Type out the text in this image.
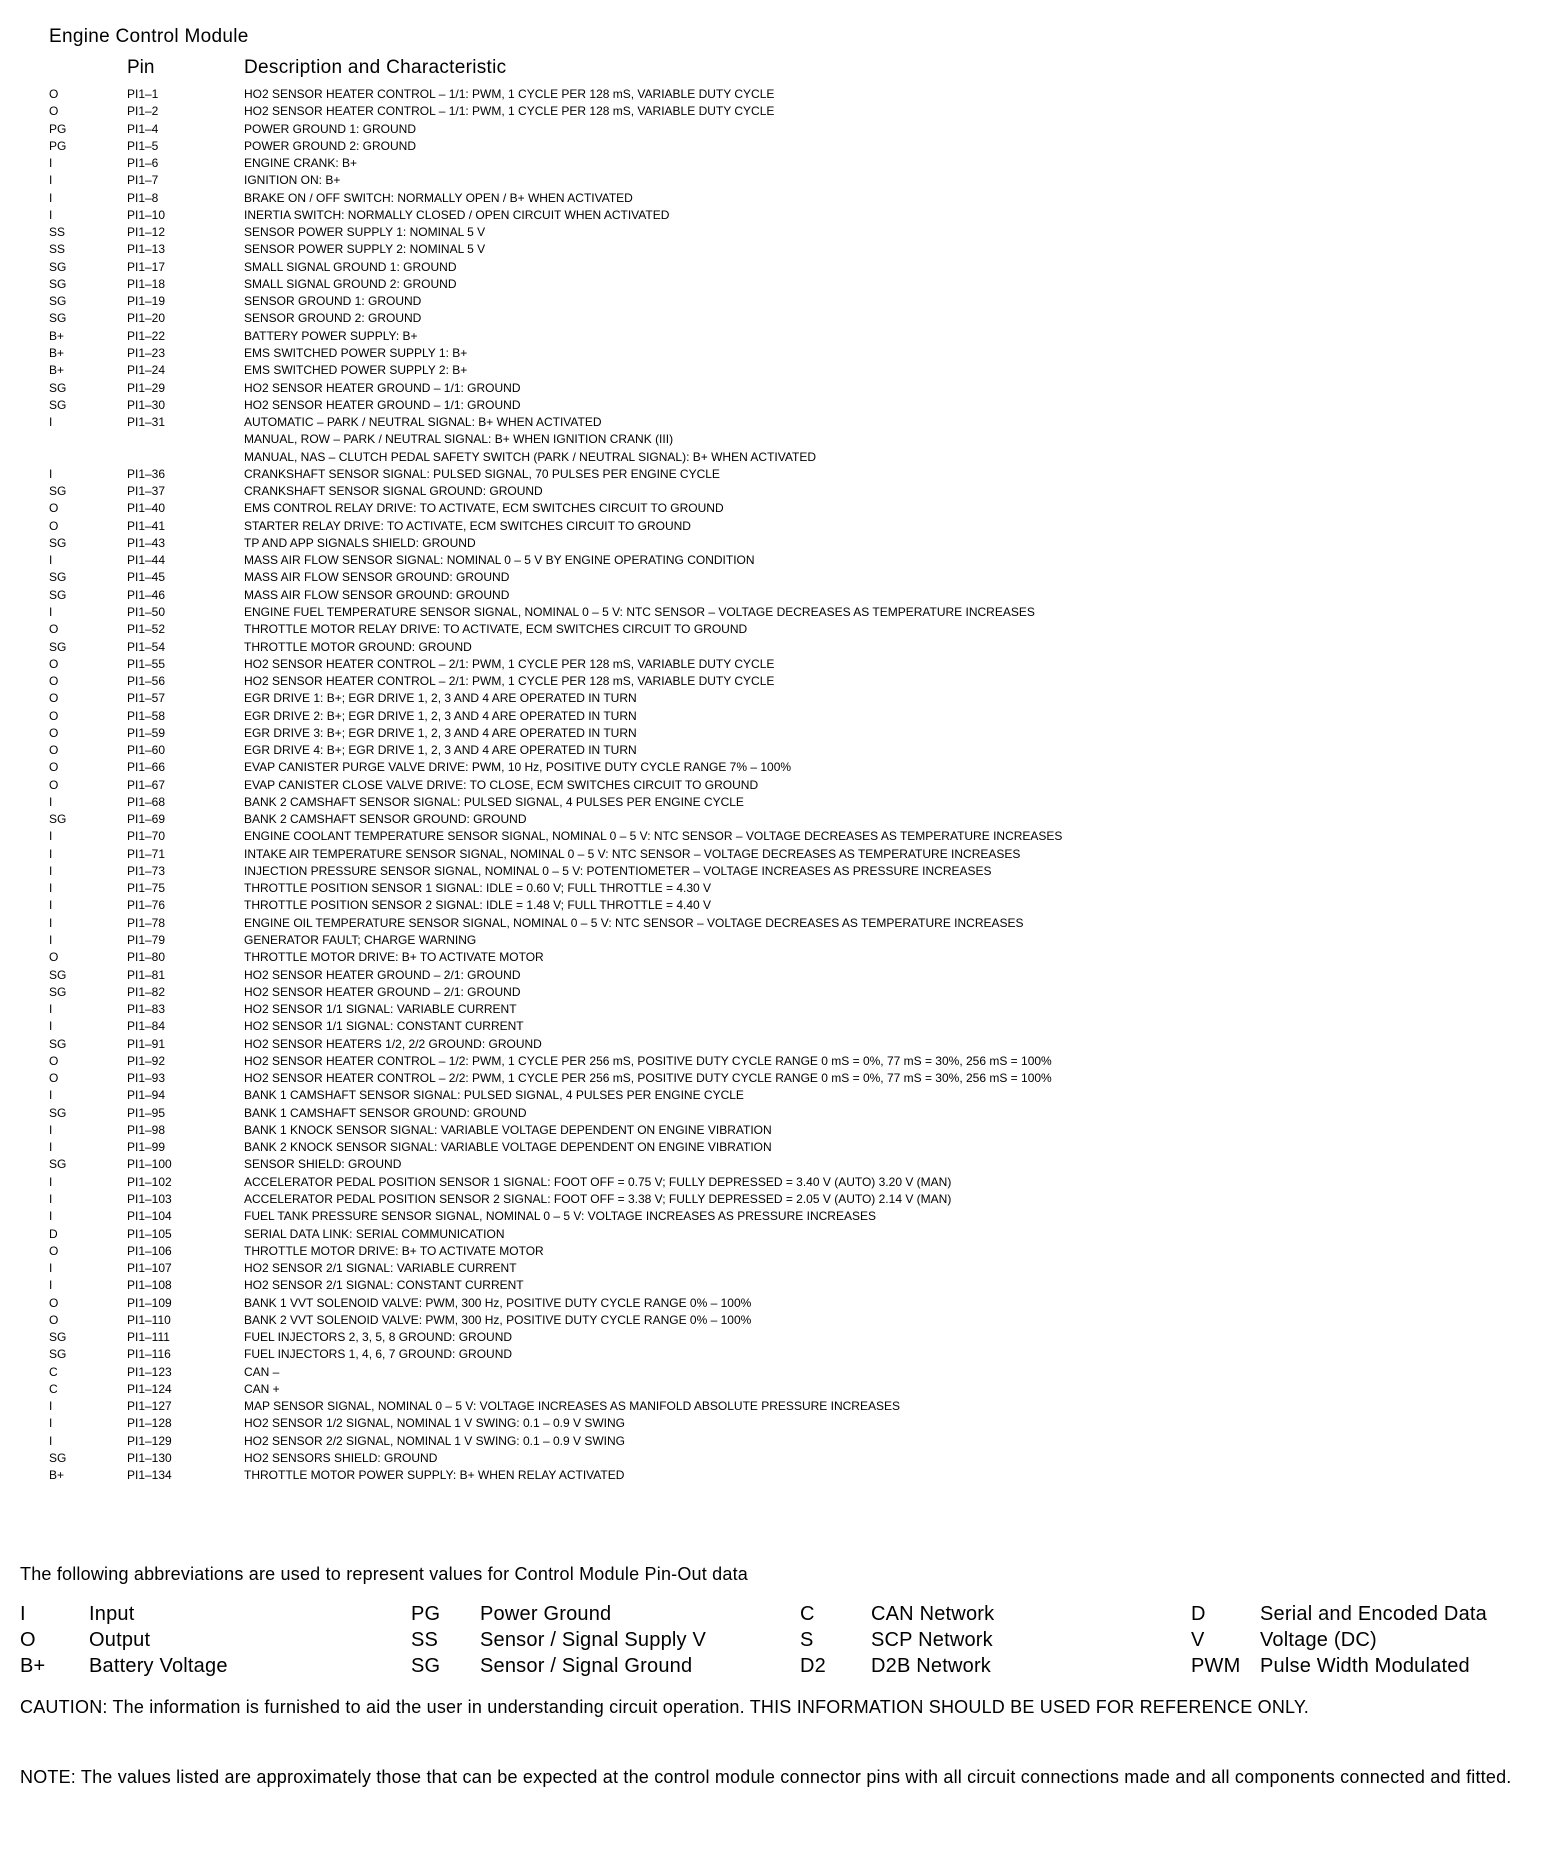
Engine Control Module
Pin	Description and Characteristic
O	PI1–1	HO2 SENSOR HEATER CONTROL – 1/1: PWM, 1 CYCLE PER 128 mS, VARIABLE DUTY CYCLE
O	PI1–2	HO2 SENSOR HEATER CONTROL – 1/1: PWM, 1 CYCLE PER 128 mS, VARIABLE DUTY CYCLE
PG	PI1–4	POWER GROUND 1: GROUND
PG	PI1–5	POWER GROUND 2: GROUND
I	PI1–6	ENGINE CRANK: B+
I	PI1–7	IGNITION ON: B+
I	PI1–8	BRAKE ON / OFF SWITCH: NORMALLY OPEN / B+ WHEN ACTIVATED
I	PI1–10	INERTIA SWITCH: NORMALLY CLOSED / OPEN CIRCUIT WHEN ACTIVATED
SS	PI1–12	SENSOR POWER SUPPLY 1: NOMINAL 5 V
SS	PI1–13	SENSOR POWER SUPPLY 2: NOMINAL 5 V
SG	PI1–17	SMALL SIGNAL GROUND 1: GROUND
SG	PI1–18	SMALL SIGNAL GROUND 2: GROUND
SG	PI1–19	SENSOR GROUND 1: GROUND
SG	PI1–20	SENSOR GROUND 2: GROUND
B+	PI1–22	BATTERY POWER SUPPLY: B+
B+	PI1–23	EMS SWITCHED POWER SUPPLY 1: B+
B+	PI1–24	EMS SWITCHED POWER SUPPLY 2: B+
SG	PI1–29	HO2 SENSOR HEATER GROUND – 1/1: GROUND
SG	PI1–30	HO2 SENSOR HEATER GROUND – 1/1: GROUND
I	PI1–31	AUTOMATIC – PARK / NEUTRAL SIGNAL: B+ WHEN ACTIVATED
MANUAL, ROW – PARK / NEUTRAL SIGNAL: B+ WHEN IGNITION CRANK (III)
MANUAL, NAS – CLUTCH PEDAL SAFETY SWITCH (PARK / NEUTRAL SIGNAL): B+ WHEN ACTIVATED
I	PI1–36	CRANKSHAFT SENSOR SIGNAL: PULSED SIGNAL, 70 PULSES PER ENGINE CYCLE
SG	PI1–37	CRANKSHAFT SENSOR SIGNAL GROUND: GROUND
O	PI1–40	EMS CONTROL RELAY DRIVE: TO ACTIVATE, ECM SWITCHES CIRCUIT TO GROUND
O	PI1–41	STARTER RELAY DRIVE: TO ACTIVATE, ECM SWITCHES CIRCUIT TO GROUND
SG	PI1–43	TP AND APP SIGNALS SHIELD: GROUND
I	PI1–44	MASS AIR FLOW SENSOR SIGNAL: NOMINAL 0 – 5 V BY ENGINE OPERATING CONDITION
SG	PI1–45	MASS AIR FLOW SENSOR GROUND: GROUND
SG	PI1–46	MASS AIR FLOW SENSOR GROUND: GROUND
I	PI1–50	ENGINE FUEL TEMPERATURE SENSOR SIGNAL, NOMINAL 0 – 5 V: NTC SENSOR – VOLTAGE DECREASES AS TEMPERATURE INCREASES
O	PI1–52	THROTTLE MOTOR RELAY DRIVE: TO ACTIVATE, ECM SWITCHES CIRCUIT TO GROUND
SG	PI1–54	THROTTLE MOTOR GROUND: GROUND
O	PI1–55	HO2 SENSOR HEATER CONTROL – 2/1: PWM, 1 CYCLE PER 128 mS, VARIABLE DUTY CYCLE
O	PI1–56	HO2 SENSOR HEATER CONTROL – 2/1: PWM, 1 CYCLE PER 128 mS, VARIABLE DUTY CYCLE
O	PI1–57	EGR DRIVE 1: B+; EGR DRIVE 1, 2, 3 AND 4 ARE OPERATED IN TURN
O	PI1–58	EGR DRIVE 2: B+; EGR DRIVE 1, 2, 3 AND 4 ARE OPERATED IN TURN
O	PI1–59	EGR DRIVE 3: B+; EGR DRIVE 1, 2, 3 AND 4 ARE OPERATED IN TURN
O	PI1–60	EGR DRIVE 4: B+; EGR DRIVE 1, 2, 3 AND 4 ARE OPERATED IN TURN
O	PI1–66	EVAP CANISTER PURGE VALVE DRIVE: PWM, 10 Hz, POSITIVE DUTY CYCLE RANGE 7% – 100%
O	PI1–67	EVAP CANISTER CLOSE VALVE DRIVE: TO CLOSE, ECM SWITCHES CIRCUIT TO GROUND
I	PI1–68	BANK 2 CAMSHAFT SENSOR SIGNAL: PULSED SIGNAL, 4 PULSES PER ENGINE CYCLE
SG	PI1–69	BANK 2 CAMSHAFT SENSOR GROUND: GROUND
I	PI1–70	ENGINE COOLANT TEMPERATURE SENSOR SIGNAL, NOMINAL 0 – 5 V: NTC SENSOR – VOLTAGE DECREASES AS TEMPERATURE INCREASES
I	PI1–71	INTAKE AIR TEMPERATURE SENSOR SIGNAL, NOMINAL 0 – 5 V: NTC SENSOR – VOLTAGE DECREASES AS TEMPERATURE INCREASES
I	PI1–73	INJECTION PRESSURE SENSOR SIGNAL, NOMINAL 0 – 5 V: POTENTIOMETER – VOLTAGE INCREASES AS PRESSURE INCREASES
I	PI1–75	THROTTLE POSITION SENSOR 1 SIGNAL: IDLE = 0.60 V; FULL THROTTLE = 4.30 V
I	PI1–76	THROTTLE POSITION SENSOR 2 SIGNAL: IDLE = 1.48 V; FULL THROTTLE = 4.40 V
I	PI1–78	ENGINE OIL TEMPERATURE SENSOR SIGNAL, NOMINAL 0 – 5 V: NTC SENSOR – VOLTAGE DECREASES AS TEMPERATURE INCREASES
I	PI1–79	GENERATOR FAULT; CHARGE WARNING
O	PI1–80	THROTTLE MOTOR DRIVE: B+ TO ACTIVATE MOTOR
SG	PI1–81	HO2 SENSOR HEATER GROUND – 2/1: GROUND
SG	PI1–82	HO2 SENSOR HEATER GROUND – 2/1: GROUND
I	PI1–83	HO2 SENSOR 1/1 SIGNAL: VARIABLE CURRENT
I	PI1–84	HO2 SENSOR 1/1 SIGNAL: CONSTANT CURRENT
SG	PI1–91	HO2 SENSOR HEATERS 1/2, 2/2 GROUND: GROUND
O	PI1–92	HO2 SENSOR HEATER CONTROL – 1/2: PWM, 1 CYCLE PER 256 mS, POSITIVE DUTY CYCLE RANGE 0 mS = 0%, 77 mS = 30%, 256 mS = 100%
O	PI1–93	HO2 SENSOR HEATER CONTROL – 2/2: PWM, 1 CYCLE PER 256 mS, POSITIVE DUTY CYCLE RANGE 0 mS = 0%, 77 mS = 30%, 256 mS = 100%
I	PI1–94	BANK 1 CAMSHAFT SENSOR SIGNAL: PULSED SIGNAL, 4 PULSES PER ENGINE CYCLE
SG	PI1–95	BANK 1 CAMSHAFT SENSOR GROUND: GROUND
I	PI1–98	BANK 1 KNOCK SENSOR SIGNAL: VARIABLE VOLTAGE DEPENDENT ON ENGINE VIBRATION
I	PI1–99	BANK 2 KNOCK SENSOR SIGNAL: VARIABLE VOLTAGE DEPENDENT ON ENGINE VIBRATION
SG	PI1–100	SENSOR SHIELD: GROUND
I	PI1–102	ACCELERATOR PEDAL POSITION SENSOR 1 SIGNAL: FOOT OFF = 0.75 V; FULLY DEPRESSED = 3.40 V (AUTO) 3.20 V (MAN)
I	PI1–103	ACCELERATOR PEDAL POSITION SENSOR 2 SIGNAL: FOOT OFF = 3.38 V; FULLY DEPRESSED = 2.05 V (AUTO) 2.14 V (MAN)
I	PI1–104	FUEL TANK PRESSURE SENSOR SIGNAL, NOMINAL 0 – 5 V: VOLTAGE INCREASES AS PRESSURE INCREASES
D	PI1–105	SERIAL DATA LINK: SERIAL COMMUNICATION
O	PI1–106	THROTTLE MOTOR DRIVE: B+ TO ACTIVATE MOTOR
I	PI1–107	HO2 SENSOR 2/1 SIGNAL: VARIABLE CURRENT
I	PI1–108	HO2 SENSOR 2/1 SIGNAL: CONSTANT CURRENT
O	PI1–109	BANK 1 VVT SOLENOID VALVE: PWM, 300 Hz, POSITIVE DUTY CYCLE RANGE 0% – 100%
O	PI1–110	BANK 2 VVT SOLENOID VALVE: PWM, 300 Hz, POSITIVE DUTY CYCLE RANGE 0% – 100%
SG	PI1–111	FUEL INJECTORS 2, 3, 5, 8 GROUND: GROUND
SG	PI1–116	FUEL INJECTORS 1, 4, 6, 7 GROUND: GROUND
C	PI1–123	CAN –
C	PI1–124	CAN +
I	PI1–127	MAP SENSOR SIGNAL, NOMINAL 0 – 5 V: VOLTAGE INCREASES AS MANIFOLD ABSOLUTE PRESSURE INCREASES
I	PI1–128	HO2 SENSOR 1/2 SIGNAL, NOMINAL 1 V SWING: 0.1 – 0.9 V SWING
I	PI1–129	HO2 SENSOR 2/2 SIGNAL, NOMINAL 1 V SWING: 0.1 – 0.9 V SWING
SG	PI1–130	HO2 SENSORS SHIELD: GROUND
B+	PI1–134	THROTTLE MOTOR POWER SUPPLY: B+ WHEN RELAY ACTIVATED
The following abbreviations are used to represent values for Control Module Pin-Out data
I	Input	PG Power Ground	C	CAN Network	D	Serial and Encoded Data
O	Output	SS Sensor / Signal Supply V	S	SCP Network	V	Voltage (DC)
B+ Battery Voltage	SG Sensor / Signal Ground	D2 D2B Network	PWM Pulse Width Modulated
CAUTION: The information is furnished to aid the user in understanding circuit operation. THIS INFORMATION SHOULD BE USED FOR REFERENCE ONLY.
NOTE: The values listed are approximately those that can be expected at the control module connector pins with all circuit connections made and all components connected and fitted.
